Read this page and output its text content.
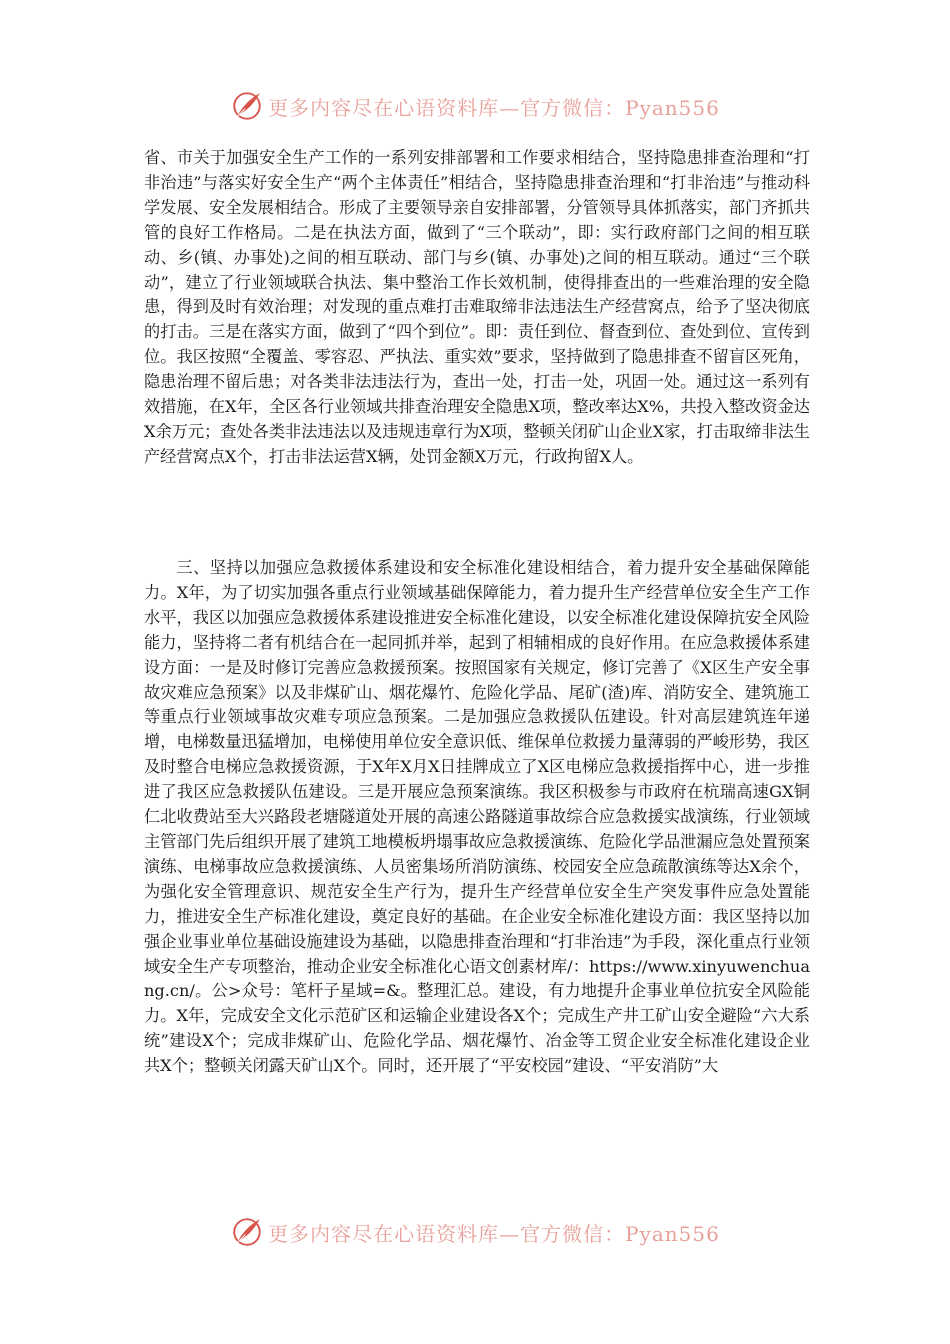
更多内容尽在心语资料库—官方微信：Pyan556

省、市关于加强安全生产工作的一系列安排部署和工作要求相结合，坚持隐患排查治理和“打非治违”与落实好安全生产“两个主体责任”相结合，坚持隐患排查治理和“打非治违”与推动科学发展、安全发展相结合。形成了主要领导亲自安排部署，分管领导具体抓落实，部门齐抓共管的良好工作格局。二是在执法方面，做到了“三个联动”，即：实行政府部门之间的相互联动、乡(镇、办事处)之间的相互联动、部门与乡(镇、办事处)之间的相互联动。通过“三个联动”，建立了行业领域联合执法、集中整治工作长效机制，使得排查出的一些难治理的安全隐患，得到及时有效治理；对发现的重点难打击难取缔非法违法生产经营窝点，给予了坚决彻底的打击。三是在落实方面，做到了“四个到位”。即：责任到位、督查到位、查处到位、宣传到位。我区按照“全覆盖、零容忍、严执法、重实效”要求，坚持做到了隐患排查不留盲区死角，隐患治理不留后患；对各类非法违法行为，查出一处，打击一处，巩固一处。通过这一系列有效措施，在X年，全区各行业领域共排查治理安全隐患X项，整改率达X%，共投入整改资金达X余万元；查处各类非法违法以及违规违章行为X项，整顿关闭矿山企业X家，打击取缔非法生产经营窝点X个，打击非法运营X辆，处罚金额X万元，行政拘留X人。

三、坚持以加强应急救援体系建设和安全标准化建设相结合，着力提升安全基础保障能力。X年，为了切实加强各重点行业领域基础保障能力，着力提升生产经营单位安全生产工作水平，我区以加强应急救援体系建设推进安全标准化建设，以安全标准化建设保障抗安全风险能力，坚持将二者有机结合在一起同抓并举，起到了相辅相成的良好作用。在应急救援体系建设方面：一是及时修订完善应急救援预案。按照国家有关规定，修订完善了《X区生产安全事故灾难应急预案》以及非煤矿山、烟花爆竹、危险化学品、尾矿(渣)库、消防安全、建筑施工等重点行业领域事故灾难专项应急预案。二是加强应急救援队伍建设。针对高层建筑连年递增，电梯数量迅猛增加，电梯使用单位安全意识低、维保单位救援力量薄弱的严峻形势，我区及时整合电梯应急救援资源，于X年X月X日挂牌成立了X区电梯应急救援指挥中心，进一步推进了我区应急救援队伍建设。三是开展应急预案演练。我区积极参与市政府在杭瑞高速GX铜仁北收费站至大兴路段老塘隧道处开展的高速公路隧道事故综合应急救援实战演练，行业领域主管部门先后组织开展了建筑工地模板坍塌事故应急救援演练、危险化学品泄漏应急处置预案演练、电梯事故应急救援演练、人员密集场所消防演练、校园安全应急疏散演练等达X余个，为强化安全管理意识、规范安全生产行为，提升生产经营单位安全生产突发事件应急处置能力，推进安全生产标准化建设，奠定良好的基础。在企业安全标准化建设方面：我区坚持以加强企业事业单位基础设施建设为基础，以隐患排查治理和“打非治违”为手段，深化重点行业领域安全生产专项整治，推动企业安全标准化心语文创素材库/：https://www.xinyuwenchuang.cn/。公>众号：笔杆子星域=&。整理汇总。建设，有力地提升企事业单位抗安全风险能力。X年，完成安全文化示范矿区和运输企业建设各X个；完成生产井工矿山安全避险“六大系统”建设X个；完成非煤矿山、危险化学品、烟花爆竹、冶金等工贸企业安全标准化建设企业共X个；整顿关闭露天矿山X个。同时，还开展了“平安校园”建设、“平安消防”大

更多内容尽在心语资料库—官方微信：Pyan556
